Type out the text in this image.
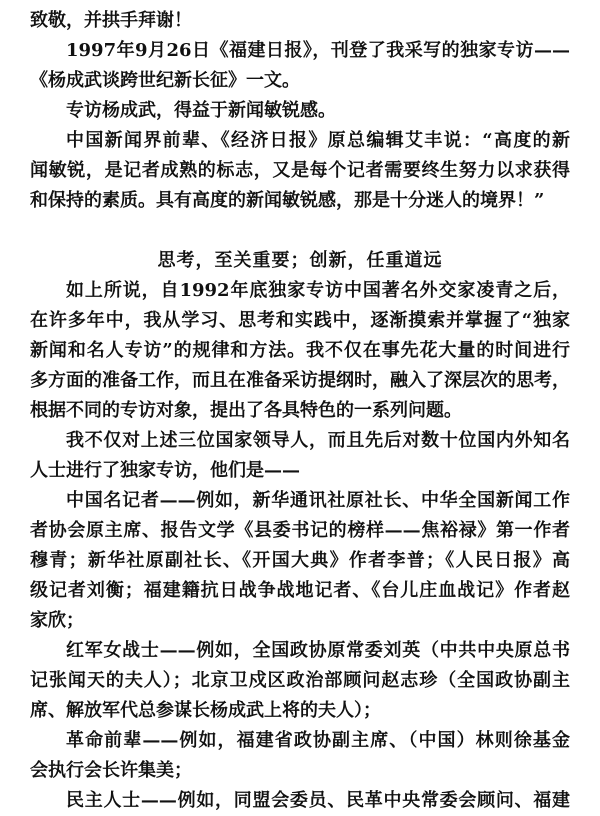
致敬，并拱手拜谢！
1997年9月26日《福建日报》，刊登了我采写的独家专访——
《杨成武谈跨世纪新长征》一文。
专访杨成武，得益于新闻敏锐感。
中国新闻界前辈、《经济日报》原总编辑艾丰说：“高度的新
闻敏锐，是记者成熟的标志，又是每个记者需要终生努力以求获得
和保持的素质。具有高度的新闻敏锐感，那是十分迷人的境界！”
思考，至关重要；创新，任重道远
如上所说，自1992年底独家专访中国著名外交家凌青之后，
在许多年中，我从学习、思考和实践中，逐渐摸索并掌握了“独家
新闻和名人专访”的规律和方法。我不仅在事先花大量的时间进行
多方面的准备工作，而且在准备采访提纲时，融入了深层次的思考，
根据不同的专访对象，提出了各具特色的一系列问题。
我不仅对上述三位国家领导人，而且先后对数十位国内外知名
人士进行了独家专访，他们是——
中国名记者——例如，新华通讯社原社长、中华全国新闻工作
者协会原主席、报告文学《县委书记的榜样——焦裕禄》第一作者
穆青；新华社原副社长、《开国大典》作者李普；《人民日报》高
级记者刘衡；福建籍抗日战争战地记者、《台儿庄血战记》作者赵
家欣；
红军女战士——例如，全国政协原常委刘英（中共中央原总书
记张闻天的夫人）；北京卫戍区政治部顾问赵志珍（全国政协副主
席、解放军代总参谋长杨成武上将的夫人）；
革命前辈——例如，福建省政协副主席、（中国）林则徐基金
会执行会长许集美；
民主人士——例如，同盟会委员、民革中央常委会顾问、福建
